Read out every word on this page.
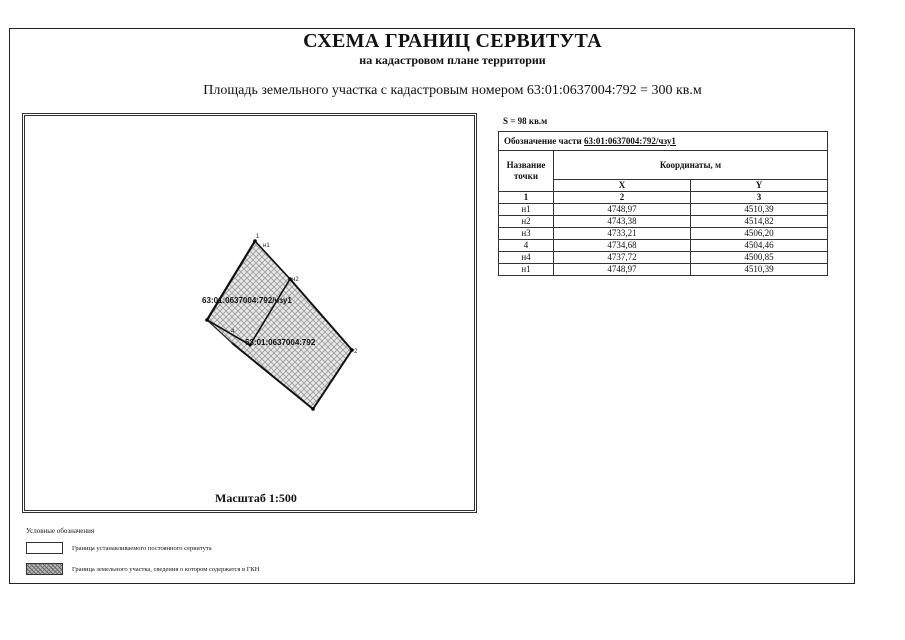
СХЕМА ГРАНИЦ СЕРВИТУТА
на кадастровом плане территории
Площадь земельного участка с кадастровым номером 63:01:0637004:792 = 300 кв.м
1
н1
н2
2
4
63:01:0637004:792/чзу1
63:01:0637004:792
Масштаб 1:500
S = 98 кв.м
Обозначение части 63:01:0637004:792/чзу1		
Название точки	Координаты, м	
	X	Y
1	2	3
н1	4748,97	4510,39
н2	4743,38	4514,82
н3	4733,21	4506,20
4	4734,68	4504,46
н4	4737,72	4500,85
н1	4748,97	4510,39
Условные обозначения
Граница устанавливаемого постоянного сервитута
Граница земельного участка, сведения о котором содержатся в ГКН
